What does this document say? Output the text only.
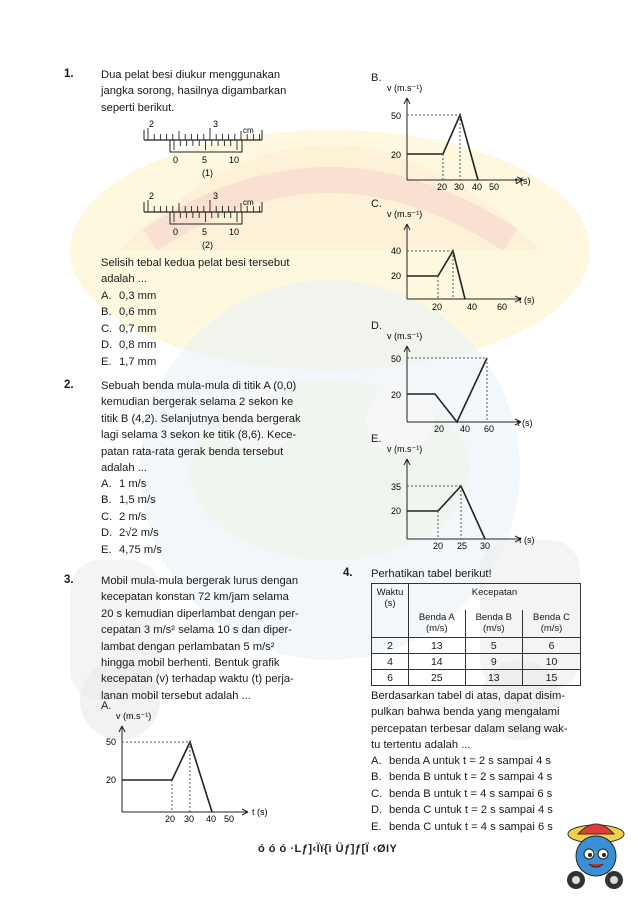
1. Dua pelat besi diukur menggunakan
jangka sorong, hasilnya digambarkan
seperti berikut.
2	3
cm
0	5 10
(1)
2	3
cm
0	5 10
(2)
Selisih tebal kedua pelat besi tersebut
adalah ...
A. 0,3 mm
B. 0,6 mm
C. 0,7 mm
D. 0,8 mm
E. 1,7 mm
2. Sebuah benda mula-mula di titik A (0,0)
kemudian bergerak selama 2 sekon ke
titik B (4,2). Selanjutnya benda bergerak
lagi selama 3 sekon ke titik (8,6). Kece-
patan rata-rata gerak benda tersebut
adalah ...
A. 1 m/s
B. 1,5 m/s
C. 2 m/s
D. 2√2 m/s
E. 4,75 m/s
3. Mobil mula-mula bergerak lurus dengan
kecepatan konstan 72 km/jam selama
20 s kemudian diperlambat dengan per-
cepatan 3 m/s² selama 10 s dan diper-
lambat dengan perlambatan 5 m/s²
hingga mobil berhenti. Bentuk grafik
kecepatan (v) terhadap waktu (t) perja-
lanan mobil tersebut adalah ...
A.
v (m.s⁻¹)
50
20
20 30 40 50
t (s)
B.
v (m.s⁻¹)
50
20
20 30 40 50
t (s)
C.
v (m.s⁻¹)
40
20
20	40 60
t (s)
D.
v (m.s⁻¹)
50
20
20 40 60
t (s)
E.
v (m.s⁻¹)
35
20
20 25 30
t (s)
4. Perhatikan tabel berikut!
Waktu (s)	Kecepatan		
	Benda A (m/s)	Benda B (m/s)	Benda C (m/s)
2	13	5	6
4	14	9	10
6	25	13	15
Berdasarkan tabel di atas, dapat disim-
pulkan bahwa benda yang mengalami
percepatan terbesar dalam selang wak-
tu tertentu adalah ...
A. benda A untuk t = 2 s sampai 4 s
B. benda B untuk t = 2 s sampai 4 s
C. benda B untuk t = 4 s sampai 6 s
D. benda C untuk t = 2 s sampai 4 s
E. benda C untuk t = 4 s sampai 6 s
ó ó ó ·Lƒ]‹Ïï{ì Üƒ]ƒ[Ï ‹ØIY
